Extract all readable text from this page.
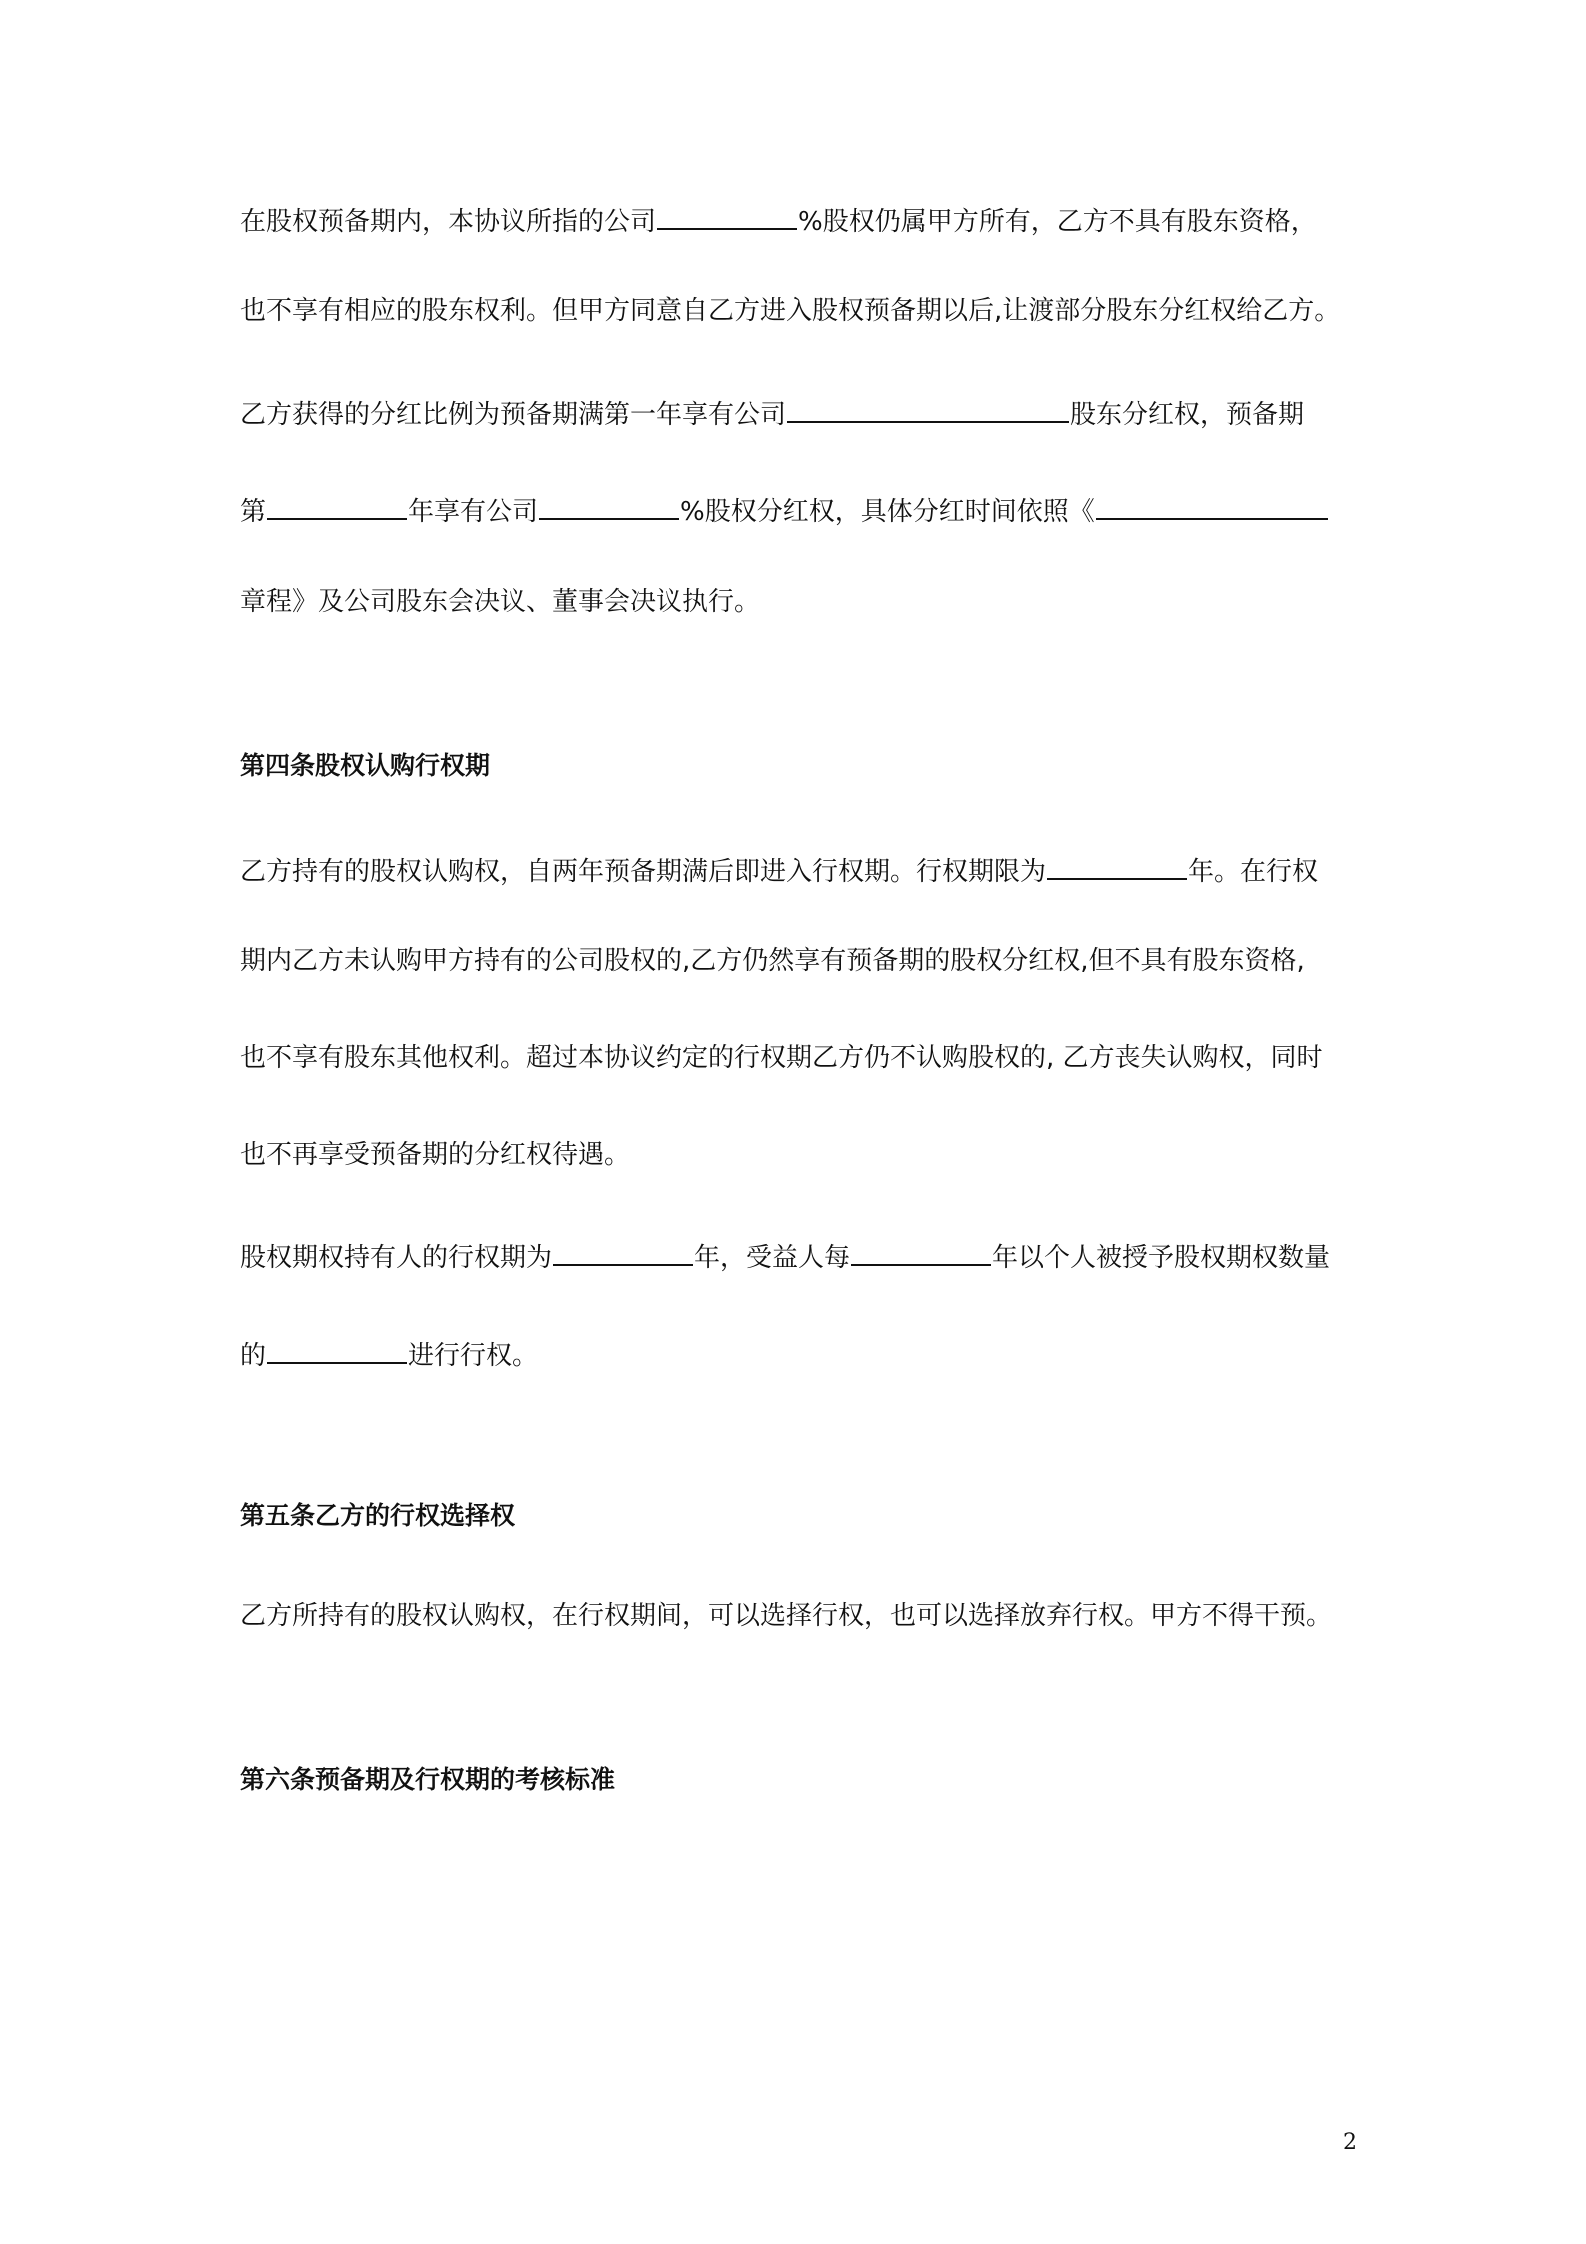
在股权预备期内，本协议所指的公司	%股权仍属甲方所有，乙方不具有股东资格，
也不享有相应的股东权利。但甲方同意自乙方进入股权预备期以后,让渡部分股东分红权给乙方。
乙方获得的分红比例为预备期满第一年享有公司	股东分红权，预备期
第	年享有公司	%股权分红权，具体分红时间依照《
章程》及公司股东会决议、董事会决议执行。
第四条股权认购行权期
乙方持有的股权认购权，自两年预备期满后即进入行权期。行权期限为	年。在行权
期内乙方未认购甲方持有的公司股权的,乙方仍然享有预备期的股权分红权,但不具有股东资格,
也不享有股东其他权利。超过本协议约定的行权期乙方仍不认购股权的, 乙方丧失认购权，同时
也不再享受预备期的分红权待遇。
股权期权持有人的行权期为	年，受益人每	年以个人被授予股权期权数量
的	进行行权。
第五条乙方的行权选择权
乙方所持有的股权认购权，在行权期间，可以选择行权，也可以选择放弃行权。甲方不得干预。
第六条预备期及行权期的考核标准
2
